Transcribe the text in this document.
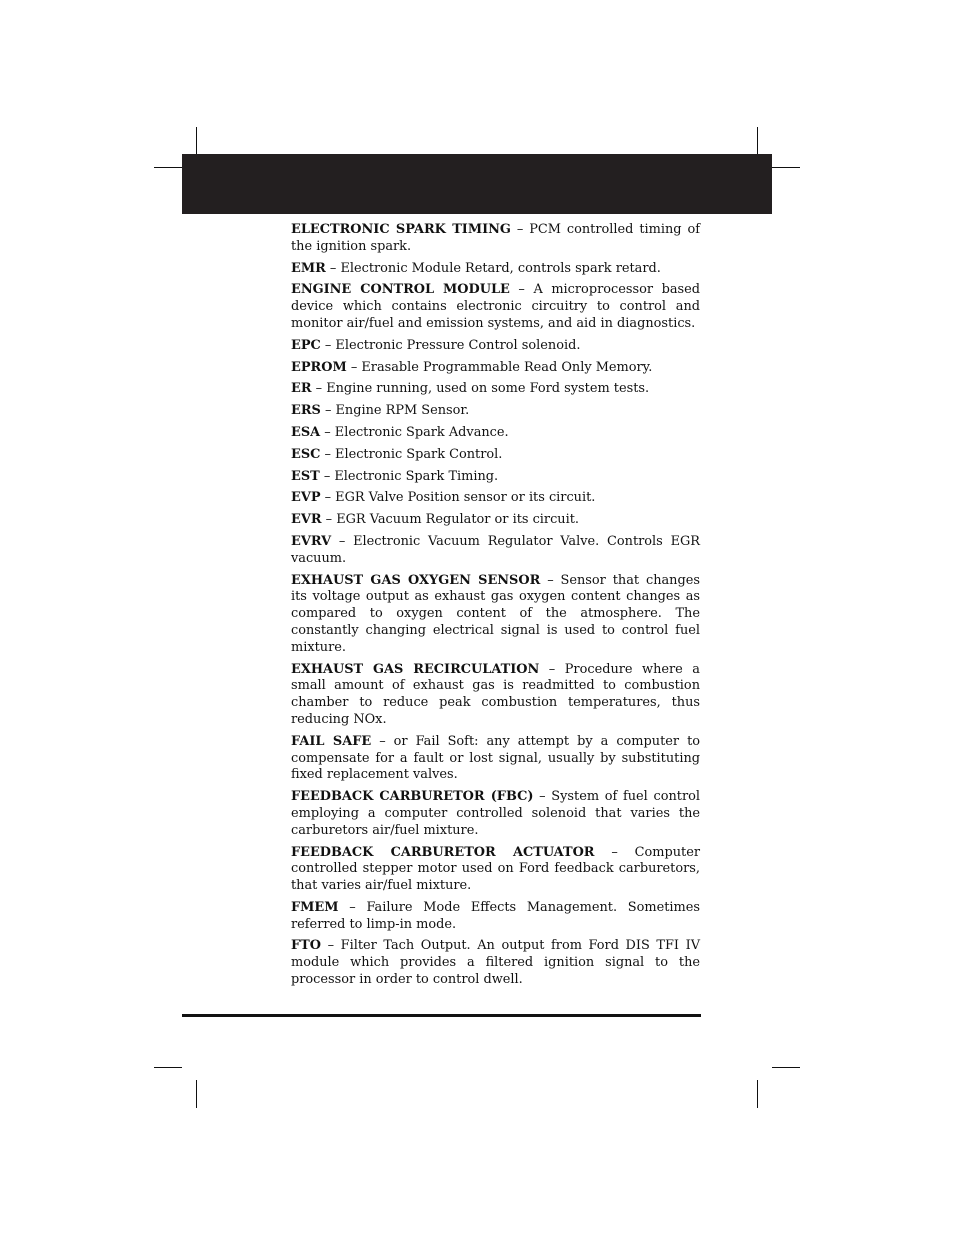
ELECTRONIC SPARK TIMING – PCM controlled timing of the ignition spark.

EMR – Electronic Module Retard, controls spark retard.

ENGINE CONTROL MODULE – A microprocessor based device which contains electronic circuitry to control and monitor air/fuel and emission systems, and aid in diagnostics.

EPC – Electronic Pressure Control solenoid.

EPROM – Erasable Programmable Read Only Memory.

ER – Engine running, used on some Ford system tests.

ERS – Engine RPM Sensor.

ESA – Electronic Spark Advance.

ESC – Electronic Spark Control.

EST – Electronic Spark Timing.

EVP – EGR Valve Position sensor or its circuit.

EVR – EGR Vacuum Regulator or its circuit.

EVRV – Electronic Vacuum Regulator Valve. Controls EGR vacuum.

EXHAUST GAS OXYGEN SENSOR – Sensor that changes its voltage output as exhaust gas oxygen content changes as compared to oxygen content of the atmosphere. The constantly changing electrical signal is used to control fuel mixture.

EXHAUST GAS RECIRCULATION – Procedure where a small amount of exhaust gas is readmitted to combustion chamber to reduce peak combustion temperatures, thus reducing NOx.

FAIL SAFE – or Fail Soft: any attempt by a computer to compensate for a fault or lost signal, usually by substituting fixed replacement valves.

FEEDBACK CARBURETOR (FBC) – System of fuel control employing a computer controlled solenoid that varies the carburetors air/fuel mixture.

FEEDBACK CARBURETOR ACTUATOR – Computer controlled stepper motor used on Ford feedback carburetors, that varies air/fuel mixture.

FMEM – Failure Mode Effects Management. Sometimes referred to limp-in mode.

FTO – Filter Tach Output. An output from Ford DIS TFI IV module which provides a filtered ignition signal to the processor in order to control dwell.
